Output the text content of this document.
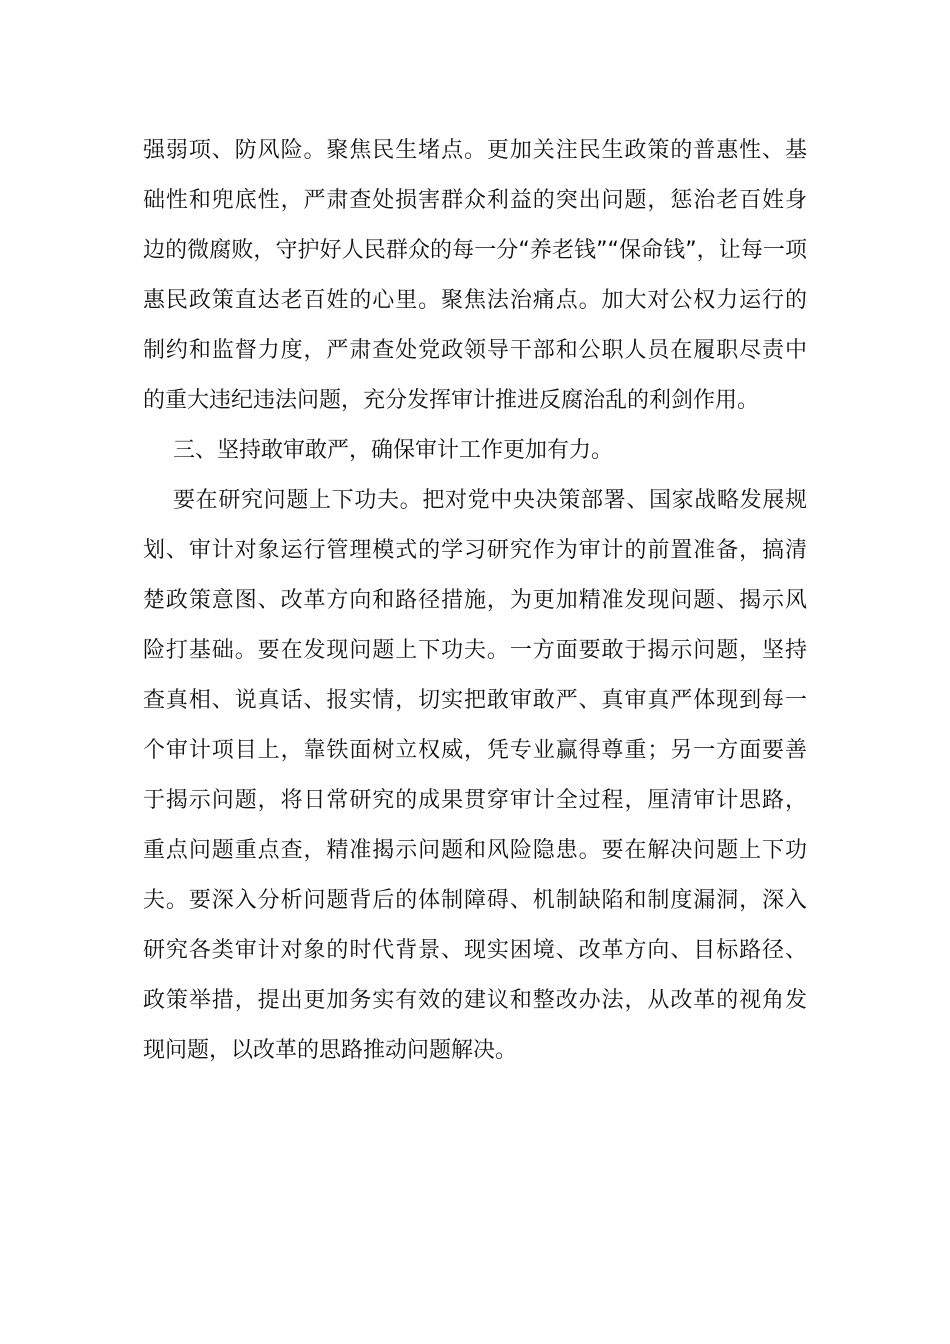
强弱项、防风险。聚焦民生堵点。更加关注民生政策的普惠性、基
础性和兜底性，严肃查处损害群众利益的突出问题，惩治老百姓身
边的微腐败，守护好人民群众的每一分“养老钱”“保命钱”，让每一项
惠民政策直达老百姓的心里。聚焦法治痛点。加大对公权力运行的
制约和监督力度，严肃查处党政领导干部和公职人员在履职尽责中
的重大违纪违法问题，充分发挥审计推进反腐治乱的利剑作用。
三、坚持敢审敢严，确保审计工作更加有力。
要在研究问题上下功夫。把对党中央决策部署、国家战略发展规
划、审计对象运行管理模式的学习研究作为审计的前置准备，搞清
楚政策意图、改革方向和路径措施，为更加精准发现问题、揭示风
险打基础。要在发现问题上下功夫。一方面要敢于揭示问题，坚持
查真相、说真话、报实情，切实把敢审敢严、真审真严体现到每一
个审计项目上，靠铁面树立权威，凭专业赢得尊重；另一方面要善
于揭示问题，将日常研究的成果贯穿审计全过程，厘清审计思路，
重点问题重点查，精准揭示问题和风险隐患。要在解决问题上下功
夫。要深入分析问题背后的体制障碍、机制缺陷和制度漏洞，深入
研究各类审计对象的时代背景、现实困境、改革方向、目标路径、
政策举措，提出更加务实有效的建议和整改办法，从改革的视角发
现问题，以改革的思路推动问题解决。
